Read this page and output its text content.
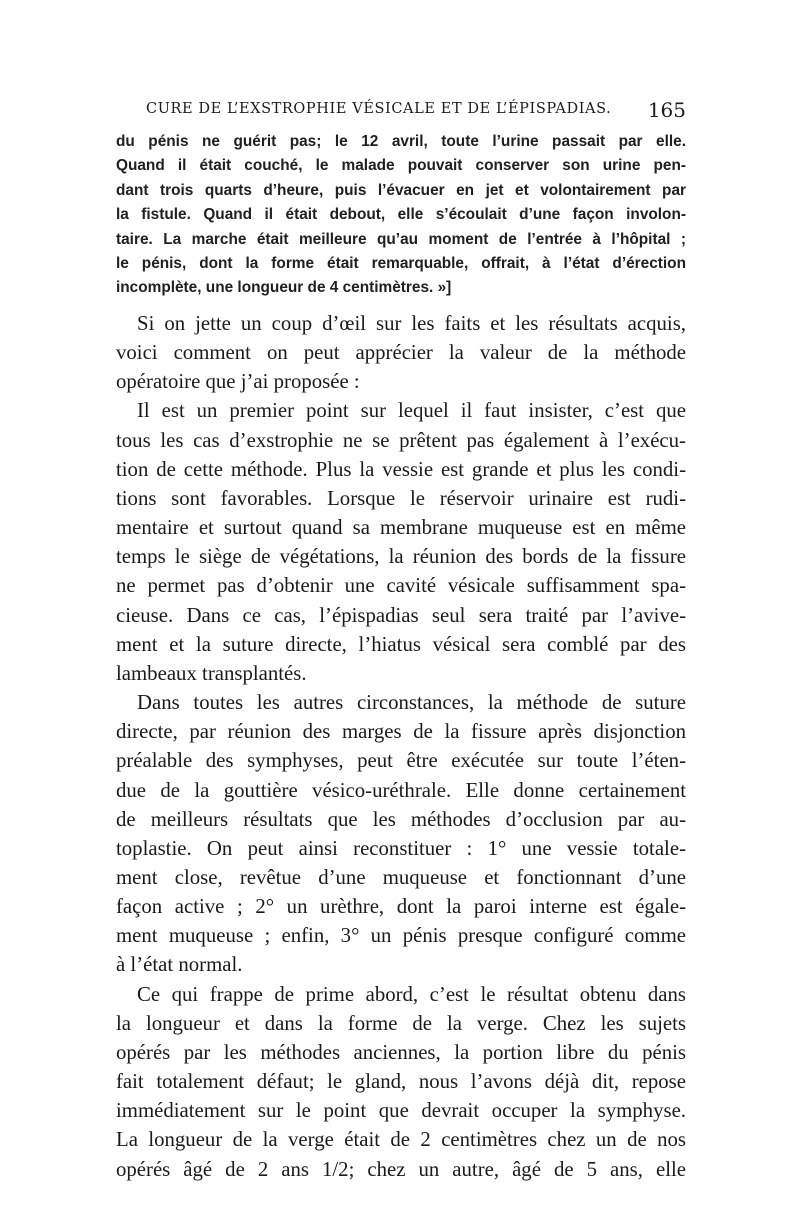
CURE DE L’EXSTROPHIE VÉSICALE ET DE L’ÉPISPADIAS. 165
du pénis ne guérit pas; le 12 avril, toute l’urine passait par elle.
Quand il était couché, le malade pouvait conserver son urine pen-
dant trois quarts d’heure, puis l’évacuer en jet et volontairement par
la fistule. Quand il était debout, elle s’écoulait d’une façon involon-
taire. La marche était meilleure qu’au moment de l’entrée à l’hôpital ;
le pénis, dont la forme était remarquable, offrait, à l’état d’érection
incomplète, une longueur de 4 centimètres. »]
Si on jette un coup d’œil sur les faits et les résultats acquis,
voici comment on peut apprécier la valeur de la méthode
opératoire que j’ai proposée :
Il est un premier point sur lequel il faut insister, c’est que
tous les cas d’exstrophie ne se prêtent pas également à l’exécu-
tion de cette méthode. Plus la vessie est grande et plus les condi-
tions sont favorables. Lorsque le réservoir urinaire est rudi-
mentaire et surtout quand sa membrane muqueuse est en même
temps le siège de végétations, la réunion des bords de la fissure
ne permet pas d’obtenir une cavité vésicale suffisamment spa-
cieuse. Dans ce cas, l’épispadias seul sera traité par l’avive-
ment et la suture directe, l’hiatus vésical sera comblé par des
lambeaux transplantés.
Dans toutes les autres circonstances, la méthode de suture
directe, par réunion des marges de la fissure après disjonction
préalable des symphyses, peut être exécutée sur toute l’éten-
due de la gouttière vésico-uréthrale. Elle donne certainement
de meilleurs résultats que les méthodes d’occlusion par au-
toplastie. On peut ainsi reconstituer : 1° une vessie totale-
ment close, revêtue d’une muqueuse et fonctionnant d’une
façon active ; 2° un urèthre, dont la paroi interne est égale-
ment muqueuse ; enfin, 3° un pénis presque configuré comme
à l’état normal.
Ce qui frappe de prime abord, c’est le résultat obtenu dans
la longueur et dans la forme de la verge. Chez les sujets
opérés par les méthodes anciennes, la portion libre du pénis
fait totalement défaut; le gland, nous l’avons déjà dit, repose
immédiatement sur le point que devrait occuper la symphyse.
La longueur de la verge était de 2 centimètres chez un de nos
opérés âgé de 2 ans 1/2; chez un autre, âgé de 5 ans, elle
